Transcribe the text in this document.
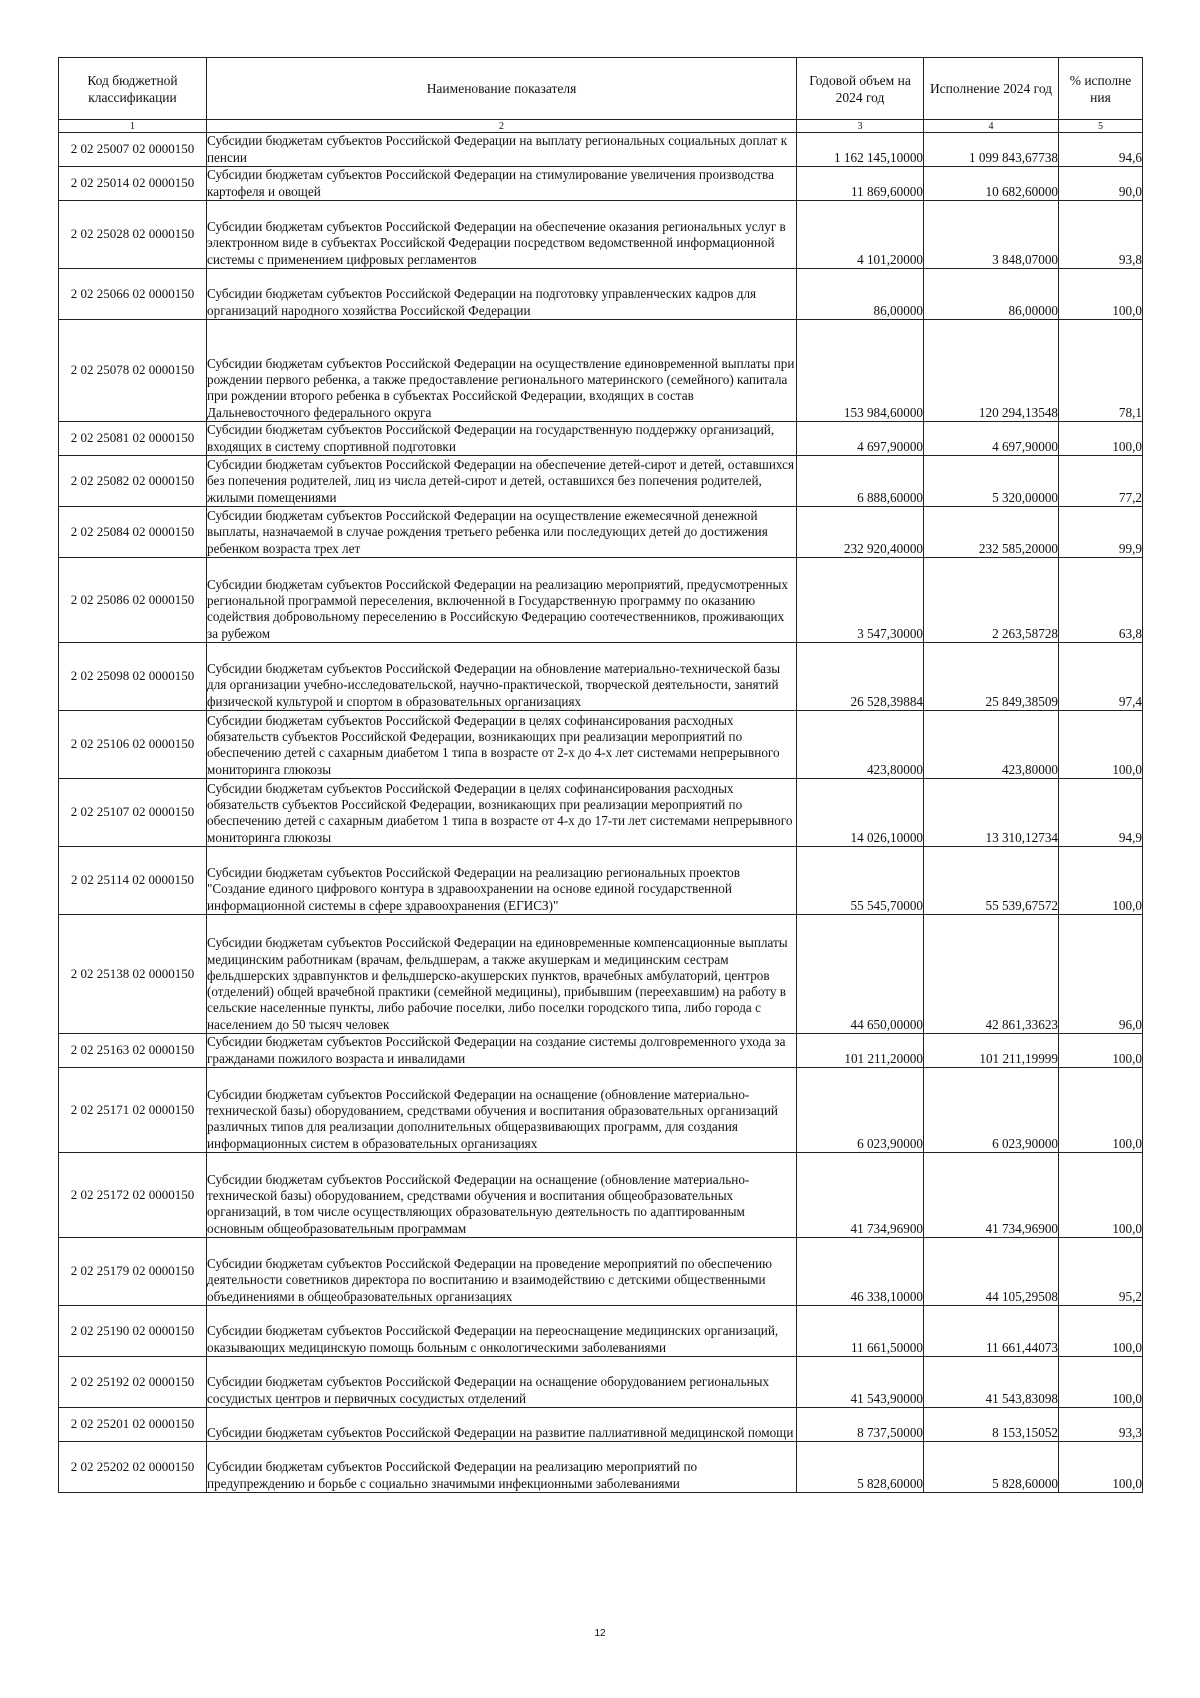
Код бюджетной классификации	Наименование показателя	Годовой объем на 2024 год	Исполнение 2024 год	% исполне ния
1	2	3	4	5
2 02 25007 02 0000150	Субсидии бюджетам субъектов Российской Федерации на выплату региональных социальных доплат к пенсии	1 162 145,10000	1 099 843,67738	94,6
2 02 25014 02 0000150	Субсидии бюджетам субъектов Российской Федерации на стимулирование увеличения производства картофеля и овощей	11 869,60000	10 682,60000	90,0
2 02 25028 02 0000150	Субсидии бюджетам субъектов Российской Федерации на обеспечение оказания региональных услуг в электронном виде в субъектах Российской Федерации посредством ведомственной информационной системы с применением цифровых регламентов	4 101,20000	3 848,07000	93,8
2 02 25066 02 0000150	Субсидии бюджетам субъектов Российской Федерации на подготовку управленческих кадров для организаций народного хозяйства Российской Федерации	86,00000	86,00000	100,0
2 02 25078 02 0000150	Субсидии бюджетам субъектов Российской Федерации на осуществление единовременной выплаты при рождении первого ребенка, а также предоставление регионального материнского (семейного) капитала при рождении второго ребенка в субъектах Российской Федерации, входящих в состав Дальневосточного федерального округа	153 984,60000	120 294,13548	78,1
2 02 25081 02 0000150	Субсидии бюджетам субъектов Российской Федерации на государственную поддержку организаций, входящих в систему спортивной подготовки	4 697,90000	4 697,90000	100,0
2 02 25082 02 0000150	Субсидии бюджетам субъектов Российской Федерации на обеспечение детей-сирот и детей, оставшихся без попечения родителей, лиц из числа детей-сирот и детей, оставшихся без попечения родителей, жилыми помещениями	6 888,60000	5 320,00000	77,2
2 02 25084 02 0000150	Субсидии бюджетам субъектов Российской Федерации на осуществление ежемесячной денежной выплаты, назначаемой в случае рождения третьего ребенка или последующих детей до достижения ребенком возраста трех лет	232 920,40000	232 585,20000	99,9
2 02 25086 02 0000150	Субсидии бюджетам субъектов Российской Федерации на реализацию мероприятий, предусмотренных региональной программой переселения, включенной в Государственную программу по оказанию содействия добровольному переселению в Российскую Федерацию соотечественников, проживающих за рубежом	3 547,30000	2 263,58728	63,8
2 02 25098 02 0000150	Субсидии бюджетам субъектов Российской Федерации на обновление материально-технической базы для организации учебно-исследовательской, научно-практической, творческой деятельности, занятий физической культурой и спортом в образовательных организациях	26 528,39884	25 849,38509	97,4
2 02 25106 02 0000150	Субсидии бюджетам субъектов Российской Федерации в целях софинансирования расходных обязательств субъектов Российской Федерации, возникающих при реализации мероприятий по обеспечению детей с сахарным диабетом 1 типа в возрасте от 2-х до 4-х лет системами непрерывного мониторинга глюкозы	423,80000	423,80000	100,0
2 02 25107 02 0000150	Субсидии бюджетам субъектов Российской Федерации в целях софинансирования расходных обязательств субъектов Российской Федерации, возникающих при реализации мероприятий по обеспечению детей с сахарным диабетом 1 типа в возрасте от 4-х до 17-ти лет системами непрерывного мониторинга глюкозы	14 026,10000	13 310,12734	94,9
2 02 25114 02 0000150	Субсидии бюджетам субъектов Российской Федерации на реализацию региональных проектов "Создание единого цифрового контура в здравоохранении на основе единой государственной информационной системы в сфере здравоохранения (ЕГИСЗ)"	55 545,70000	55 539,67572	100,0
2 02 25138 02 0000150	Субсидии бюджетам субъектов Российской Федерации на единовременные компенсационные выплаты медицинским работникам (врачам, фельдшерам, а также акушеркам и медицинским сестрам фельдшерских здравпунктов и фельдшерско-акушерских пунктов, врачебных амбулаторий, центров (отделений) общей врачебной практики (семейной медицины), прибывшим (переехавшим) на работу в сельские населенные пункты, либо рабочие поселки, либо поселки городского типа, либо города с населением до 50 тысяч человек	44 650,00000	42 861,33623	96,0
2 02 25163 02 0000150	Субсидии бюджетам субъектов Российской Федерации на создание системы долговременного ухода за гражданами пожилого возраста и инвалидами	101 211,20000	101 211,19999	100,0
2 02 25171 02 0000150	Субсидии бюджетам субъектов Российской Федерации на оснащение (обновление материально-технической базы) оборудованием, средствами обучения и воспитания образовательных организаций различных типов для реализации дополнительных общеразвивающих программ, для создания информационных систем в образовательных организациях	6 023,90000	6 023,90000	100,0
2 02 25172 02 0000150	Субсидии бюджетам субъектов Российской Федерации на оснащение (обновление материально-технической базы) оборудованием, средствами обучения и воспитания общеобразовательных организаций, в том числе осуществляющих образовательную деятельность по адаптированным основным общеобразовательным программам	41 734,96900	41 734,96900	100,0
2 02 25179 02 0000150	Субсидии бюджетам субъектов Российской Федерации на проведение мероприятий по обеспечению деятельности советников директора по воспитанию и взаимодействию с детскими общественными объединениями в общеобразовательных организациях	46 338,10000	44 105,29508	95,2
2 02 25190 02 0000150	Субсидии бюджетам субъектов Российской Федерации на переоснащение медицинских организаций, оказывающих медицинскую помощь больным с онкологическими заболеваниями	11 661,50000	11 661,44073	100,0
2 02 25192 02 0000150	Субсидии бюджетам субъектов Российской Федерации на оснащение оборудованием региональных сосудистых центров и первичных сосудистых отделений	41 543,90000	41 543,83098	100,0
2 02 25201 02 0000150	Субсидии бюджетам субъектов Российской Федерации на развитие паллиативной медицинской помощи	8 737,50000	8 153,15052	93,3
2 02 25202 02 0000150	Субсидии бюджетам субъектов Российской Федерации на реализацию мероприятий по предупреждению и борьбе с социально значимыми инфекционными заболеваниями	5 828,60000	5 828,60000	100,0
12
